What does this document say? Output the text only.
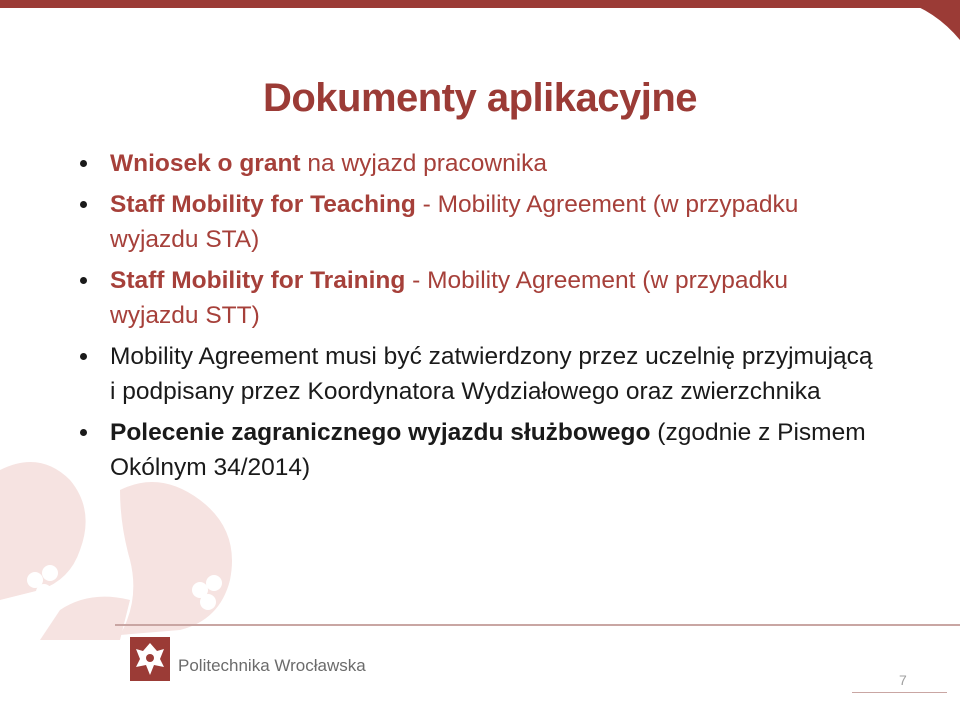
Dokumenty aplikacyjne
Wniosek o grant na wyjazd pracownika
Staff Mobility for Teaching - Mobility Agreement (w przypadku wyjazdu STA)
Staff Mobility for Training - Mobility Agreement (w przypadku wyjazdu STT)
Mobility Agreement musi być zatwierdzony przez uczelnię przyjmującą i podpisany przez Koordynatora Wydziałowego oraz zwierzchnika
Polecenie zagranicznego wyjazdu służbowego (zgodnie z Pismem Okólnym 34/2014)
Politechnika Wrocławska
7
